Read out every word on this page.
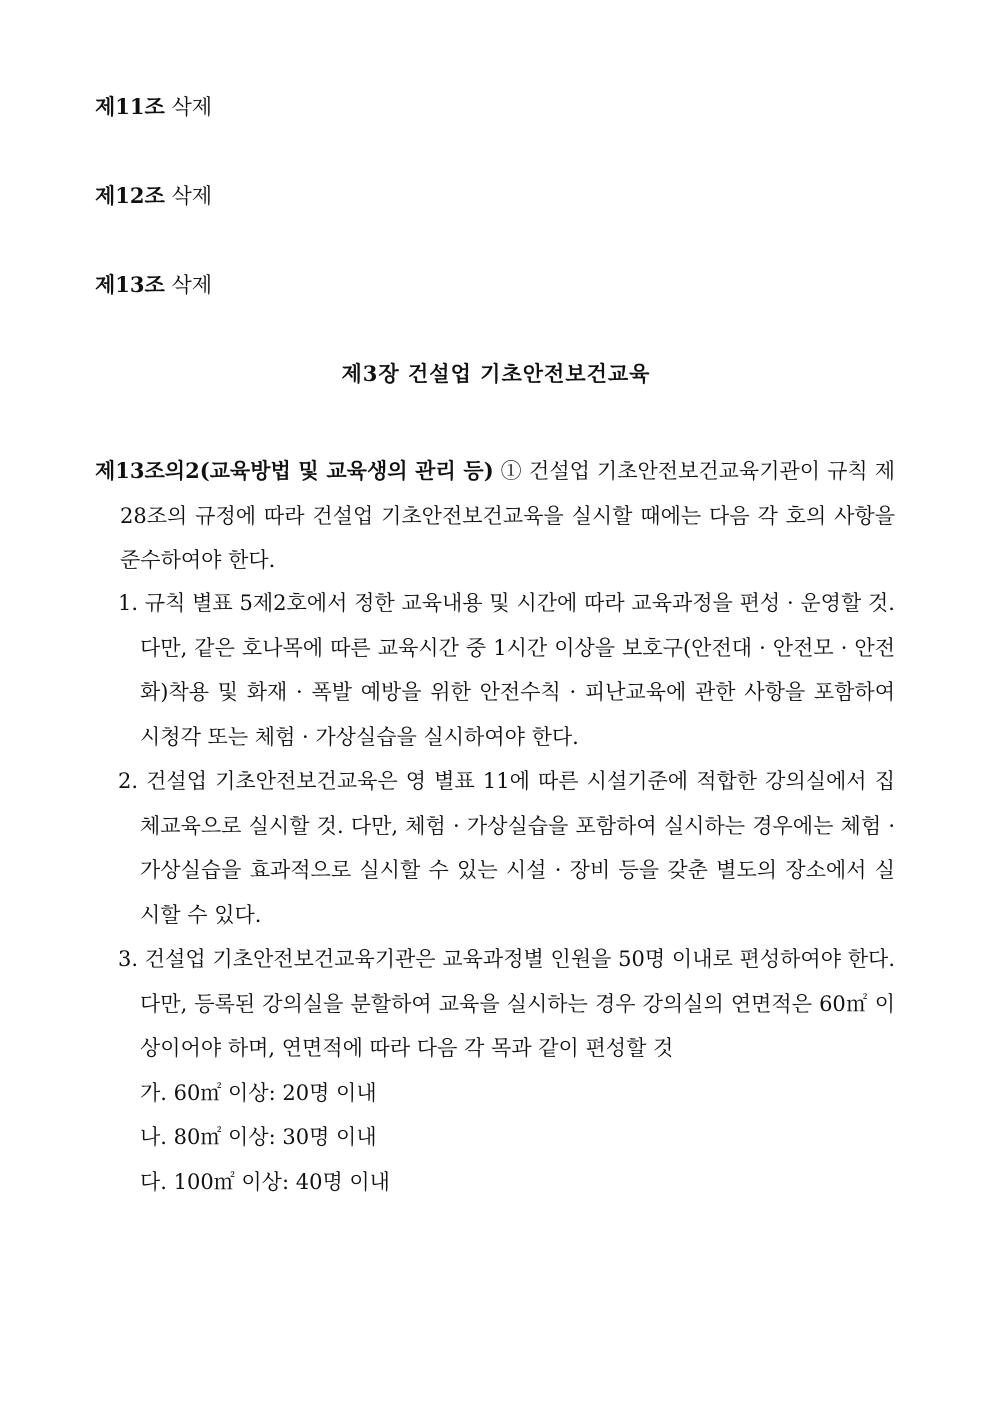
제11조 삭제
제12조 삭제
제13조 삭제
제3장 건설업 기초안전보건교육
제13조의2(교육방법 및 교육생의 관리 등) ① 건설업 기초안전보건교육기관이 규칙 제28조의 규정에 따라 건설업 기초안전보건교육을 실시할 때에는 다음 각 호의 사항을 준수하여야 한다.

1. 규칙 별표 5제2호에서 정한 교육내용 및 시간에 따라 교육과정을 편성 · 운영할 것. 다만, 같은 호나목에 따른 교육시간 중 1시간 이상을 보호구(안전대 · 안전모 · 안전화)착용 및 화재 · 폭발 예방을 위한 안전수칙 · 피난교육에 관한 사항을 포함하여 시청각 또는 체험 · 가상실습을 실시하여야 한다.

2. 건설업 기초안전보건교육은 영 별표 11에 따른 시설기준에 적합한 강의실에서 집체교육으로 실시할 것. 다만, 체험 · 가상실습을 포함하여 실시하는 경우에는 체험 · 가상실습을 효과적으로 실시할 수 있는 시설 · 장비 등을 갖춘 별도의 장소에서 실시할 수 있다.

3. 건설업 기초안전보건교육기관은 교육과정별 인원을 50명 이내로 편성하여야 한다. 다만, 등록된 강의실을 분할하여 교육을 실시하는 경우 강의실의 연면적은 60㎡ 이상이어야 하며, 연면적에 따라 다음 각 목과 같이 편성할 것

가. 60㎡ 이상: 20명 이내

나. 80㎡ 이상: 30명 이내

다. 100㎡ 이상: 40명 이내
